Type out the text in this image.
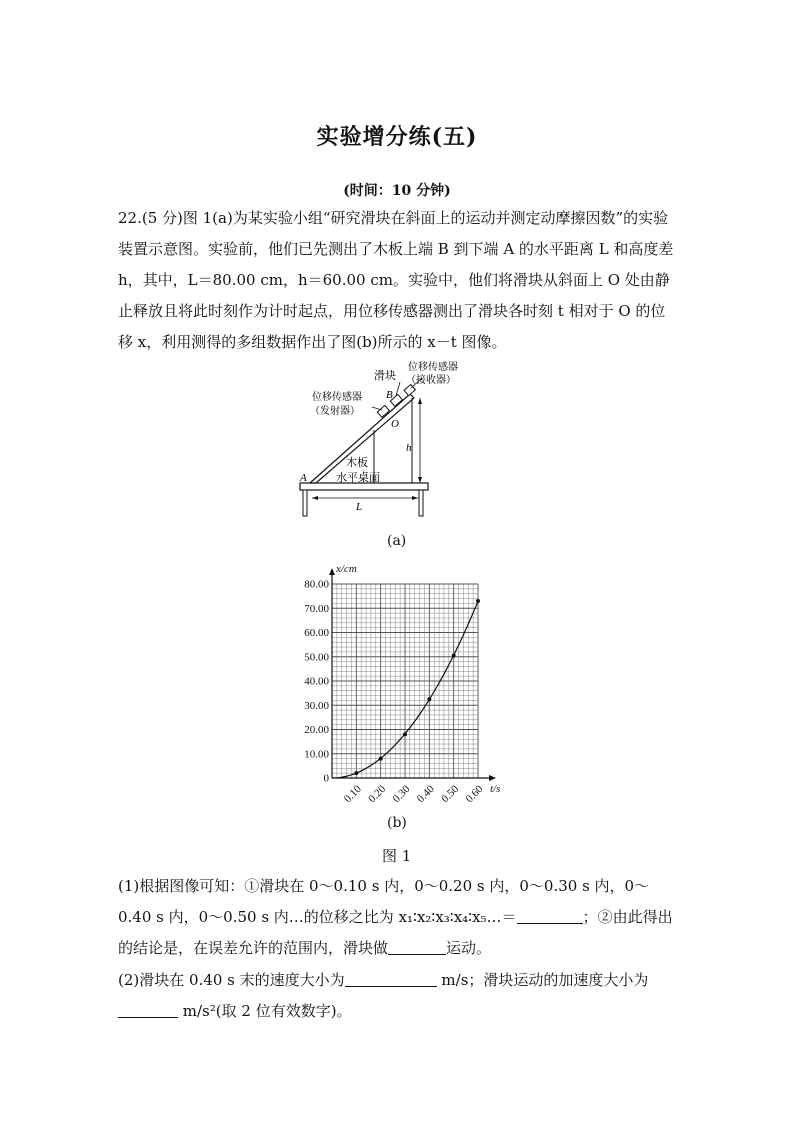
实验增分练(五)
(时间：10 分钟)
22.(5 分)图 1(a)为某实验小组“研究滑块在斜面上的运动并测定动摩擦因数”的实验装置示意图。实验前，他们已先测出了木板上端 B 到下端 A 的水平距离 L 和高度差 h，其中，L＝80.00 cm，h＝60.00 cm。实验中，他们将滑块从斜面上 O 处由静止释放且将此时刻作为计时起点，用位移传感器测出了滑块各时刻 t 相对于 O 的位移 x，利用测得的多组数据作出了图(b)所示的 x－t 图像。
滑块
位移传感器
（接收器）
位移传感器
（发射器）
A
B
O
h
木板
水平桌面
L
(a)
0
10.00
20.00
30.00
40.00
50.00
60.00
70.00
80.00
0.10 0.20 0.30 0.40 0.50 0.60
x/cm
t/s
(b)
图 1
(1)根据图像可知：①滑块在 0～0.10 s 内，0～0.20 s 内，0～0.30 s 内，0～0.40 s 内，0～0.50 s 内…的位移之比为 x₁∶x₂∶x₃∶x₄∶x₅…＝	；②由此得出的结论是，在误差允许的范围内，滑块做	运动。
(2)滑块在 0.40 s 末的速度大小为	m/s；滑块运动的加速度大小为
m/s²(取 2 位有效数字)。
